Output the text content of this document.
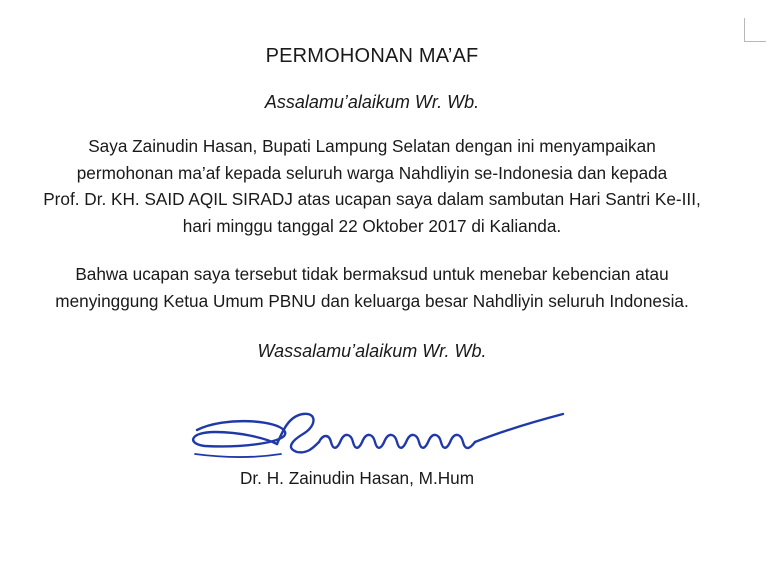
PERMOHONAN MA’AF

Assalamu’alaikum Wr. Wb.

Saya Zainudin Hasan, Bupati Lampung Selatan dengan ini menyampaikan
permohonan ma’af kepada seluruh warga Nahdliyin se-Indonesia dan kepada
Prof. Dr. KH. SAID AQIL SIRADJ atas ucapan saya dalam sambutan Hari Santri Ke-III,
hari minggu tanggal 22 Oktober 2017 di Kalianda.

Bahwa ucapan saya tersebut tidak bermaksud untuk menebar kebencian atau
menyinggung Ketua Umum PBNU dan keluarga besar Nahdliyin seluruh Indonesia.

Wassalamu’alaikum Wr. Wb.

Dr. H. Zainudin Hasan, M.Hum
